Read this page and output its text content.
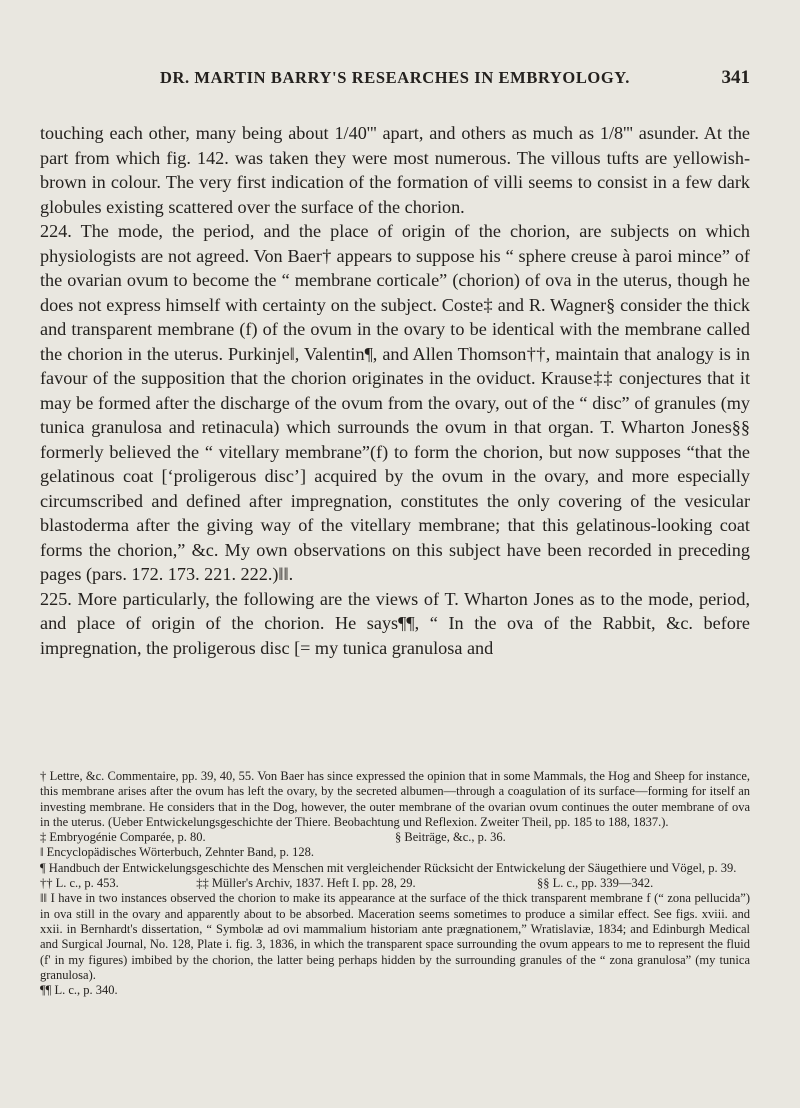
DR. MARTIN BARRY'S RESEARCHES IN EMBRYOLOGY.	341

touching each other, many being about 1/40''' apart, and others as much as 1/8''' asunder. At the part from which fig. 142. was taken they were most numerous. The villous tufts are yellowish-brown in colour. The very first indication of the formation of villi seems to consist in a few dark globules existing scattered over the surface of the chorion.

224. The mode, the period, and the place of origin of the chorion, are subjects on which physiologists are not agreed. Von Baer† appears to suppose his “ sphere creuse à paroi mince” of the ovarian ovum to become the “ membrane corticale” (chorion) of ova in the uterus, though he does not express himself with certainty on the subject. Coste‡ and R. Wagner§ consider the thick and transparent membrane (f) of the ovum in the ovary to be identical with the membrane called the chorion in the uterus. Purkinje‖, Valentin¶, and Allen Thomson††, maintain that analogy is in favour of the supposition that the chorion originates in the oviduct. Krause‡‡ conjectures that it may be formed after the discharge of the ovum from the ovary, out of the “ disc” of granules (my tunica granulosa and retinacula) which surrounds the ovum in that organ. T. Wharton Jones§§ formerly believed the “ vitellary membrane”(f) to form the chorion, but now supposes “that the gelatinous coat [‘proligerous disc’] acquired by the ovum in the ovary, and more especially circumscribed and defined after impregnation, constitutes the only covering of the vesicular blastoderma after the giving way of the vitellary membrane; that this gelatinous-looking coat forms the chorion,” &c. My own observations on this subject have been recorded in preceding pages (pars. 172. 173. 221. 222.)‖‖.

225. More particularly, the following are the views of T. Wharton Jones as to the mode, period, and place of origin of the chorion. He says¶¶, “ In the ova of the Rabbit, &c. before impregnation, the proligerous disc [= my tunica granulosa and

† Lettre, &c. Commentaire, pp. 39, 40, 55. Von Baer has since expressed the opinion that in some Mammals, the Hog and Sheep for instance, this membrane arises after the ovum has left the ovary, by the secreted albumen—through a coagulation of its surface—forming for itself an investing membrane. He considers that in the Dog, however, the outer membrane of the ovarian ovum continues the outer membrane of ova in the uterus. (Ueber Entwickelungsgeschichte der Thiere. Beobachtung und Reflexion. Zweiter Theil, pp. 185 to 188, 1837.).

‡ Embryogénie Comparée, p. 80.	§ Beiträge, &c., p. 36.

‖ Encyclopädisches Wörterbuch, Zehnter Band, p. 128.

¶ Handbuch der Entwickelungsgeschichte des Menschen mit vergleichender Rücksicht der Entwickelung der Säugethiere und Vögel, p. 39.

†† L. c., p. 453.	‡‡ Müller's Archiv, 1837. Heft I. pp. 28, 29.	§§ L. c., pp. 339—342.

‖‖ I have in two instances observed the chorion to make its appearance at the surface of the thick transparent membrane f (“ zona pellucida”) in ova still in the ovary and apparently about to be absorbed. Maceration seems sometimes to produce a similar effect. See figs. xviii. and xxii. in Bernhardt's dissertation, “ Symbolæ ad ovi mammalium historiam ante prægnationem,” Wratislaviæ, 1834; and Edinburgh Medical and Surgical Journal, No. 128, Plate i. fig. 3, 1836, in which the transparent space surrounding the ovum appears to me to represent the fluid (f' in my figures) imbibed by the chorion, the latter being perhaps hidden by the surrounding granules of the “ zona granulosa” (my tunica granulosa).

¶¶ L. c., p. 340.
